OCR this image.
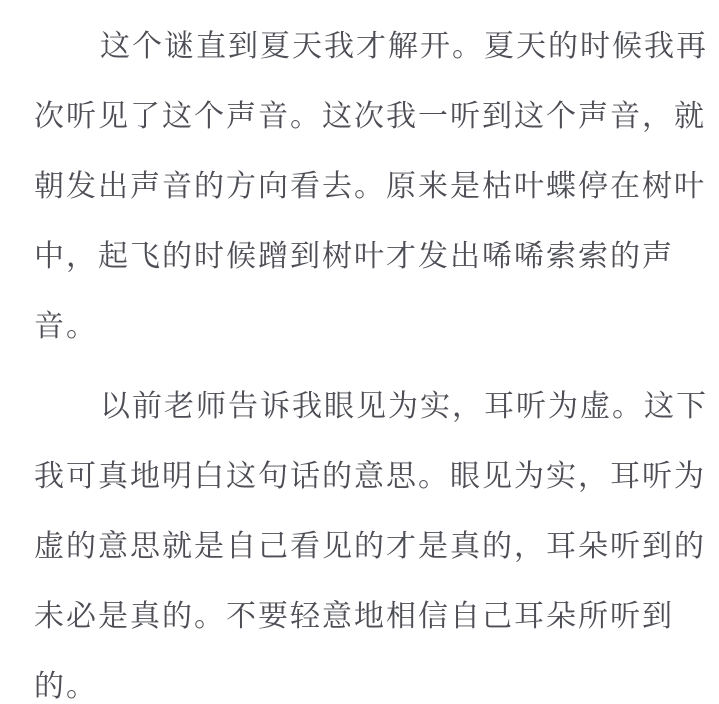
这个谜直到夏天我才解开。夏天的时候我再
次听见了这个声音。这次我一听到这个声音，就
朝发出声音的方向看去。原来是枯叶蝶停在树叶
中，起飞的时候蹭到树叶才发出唏唏索索的声
音。
以前老师告诉我眼见为实，耳听为虚。这下
我可真地明白这句话的意思。眼见为实，耳听为
虚的意思就是自己看见的才是真的，耳朵听到的
未必是真的。不要轻意地相信自己耳朵所听到
的。
